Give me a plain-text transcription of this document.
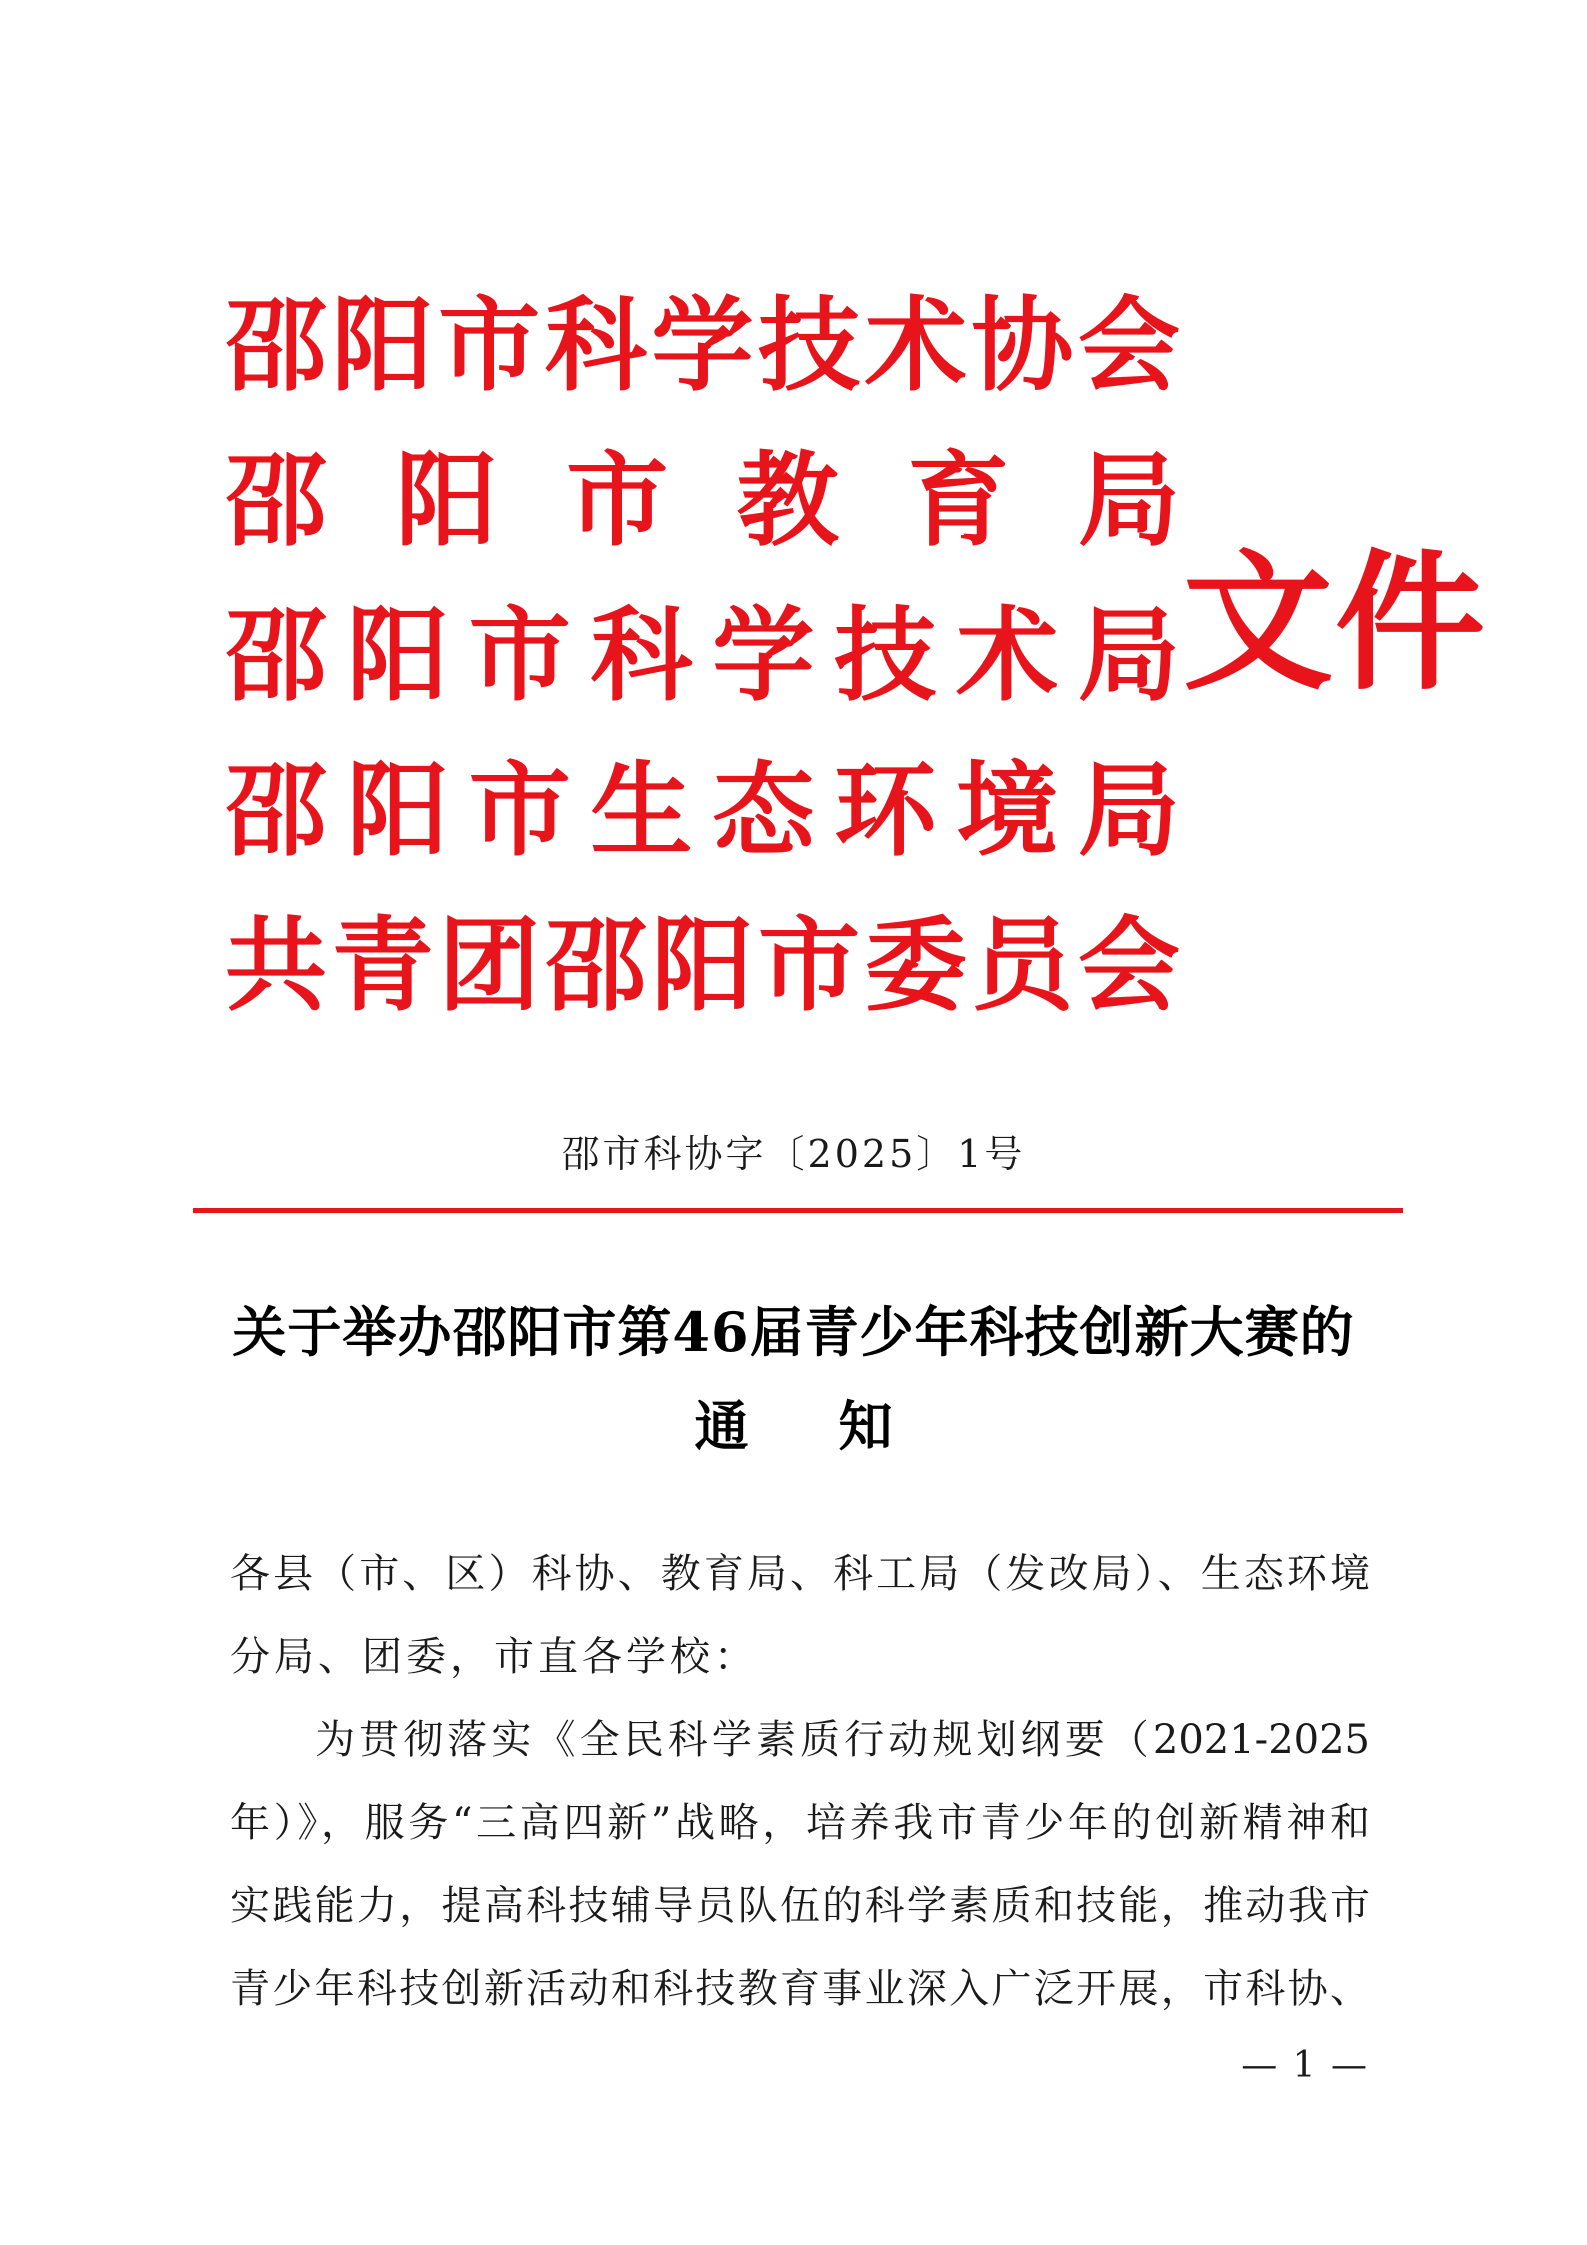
邵 阳 市 科 学 技 术 协 会
邵 阳 市 教 育 局
邵 阳 市 科 学 技 术 局
邵 阳 市 生 态 环 境 局
共 青 团 邵 阳 市 委 员 会
文件
邵市科协字〔2025〕1号
关于举办邵阳市第46届青少年科技创新大赛的
通 知
各县（市、区）科协、教育局、科工局（发改局）、生态环境
分局、团委，市直各学校：
为贯彻落实《全民科学素质行动规划纲要（2021-2025
年）》，服务“三高四新”战略，培养我市青少年的创新精神和
实践能力，提高科技辅导员队伍的科学素质和技能，推动我市
青少年科技创新活动和科技教育事业深入广泛开展，市科协、
— 1 —
